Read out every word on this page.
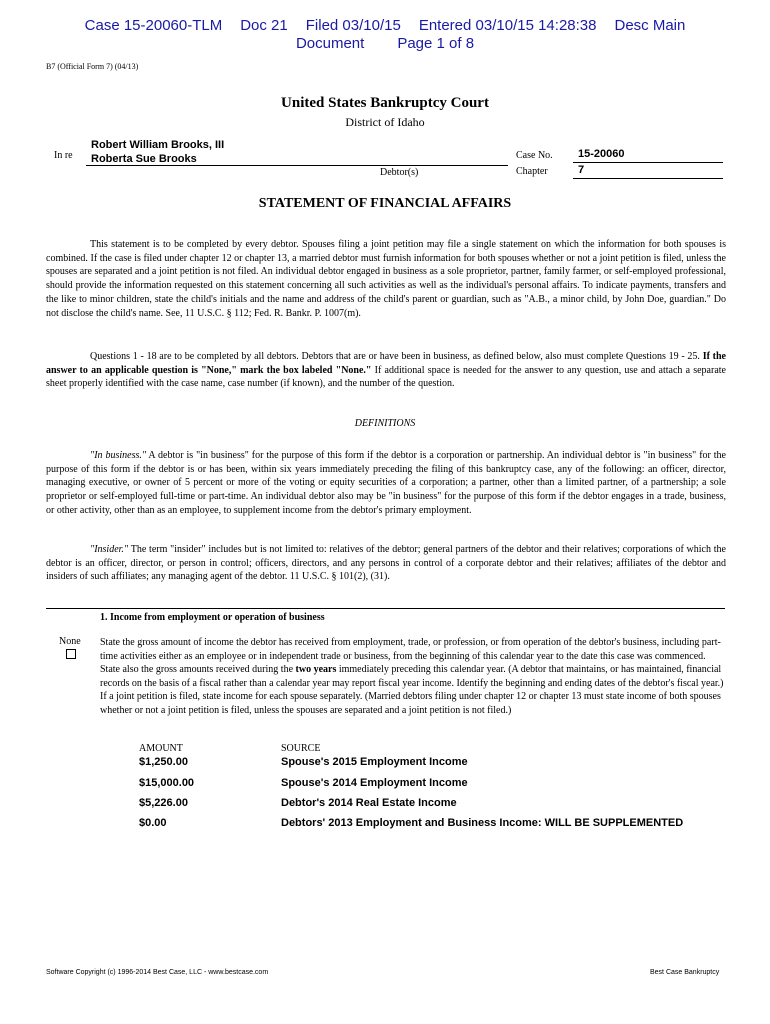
Case 15-20060-TLM Doc 21 Filed 03/10/15 Entered 03/10/15 14:28:38 Desc Main
Document Page 1 of 8
B7 (Official Form 7) (04/13)
United States Bankruptcy Court
District of Idaho
In re
Robert William Brooks, III
Roberta Sue Brooks
Debtor(s)
Case No. 15-20060
Chapter	7
STATEMENT OF FINANCIAL AFFAIRS
This statement is to be completed by every debtor. Spouses filing a joint petition may file a single statement on which the information for both spouses is combined. If the case is filed under chapter 12 or chapter 13, a married debtor must furnish information for both spouses whether or not a joint petition is filed, unless the spouses are separated and a joint petition is not filed. An individual debtor engaged in business as a sole proprietor, partner, family farmer, or self-employed professional, should provide the information requested on this statement concerning all such activities as well as the individual's personal affairs. To indicate payments, transfers and the like to minor children, state the child's initials and the name and address of the child's parent or guardian, such as "A.B., a minor child, by John Doe, guardian." Do not disclose the child's name. See, 11 U.S.C. § 112; Fed. R. Bankr. P. 1007(m).
Questions 1 - 18 are to be completed by all debtors. Debtors that are or have been in business, as defined below, also must complete Questions 19 - 25. If the answer to an applicable question is "None," mark the box labeled "None." If additional space is needed for the answer to any question, use and attach a separate sheet properly identified with the case name, case number (if known), and the number of the question.
DEFINITIONS
"In business." A debtor is "in business" for the purpose of this form if the debtor is a corporation or partnership. An individual debtor is "in business" for the purpose of this form if the debtor is or has been, within six years immediately preceding the filing of this bankruptcy case, any of the following: an officer, director, managing executive, or owner of 5 percent or more of the voting or equity securities of a corporation; a partner, other than a limited partner, of a partnership; a sole proprietor or self-employed full-time or part-time. An individual debtor also may be "in business" for the purpose of this form if the debtor engages in a trade, business, or other activity, other than as an employee, to supplement income from the debtor's primary employment.
"Insider." The term "insider" includes but is not limited to: relatives of the debtor; general partners of the debtor and their relatives; corporations of which the debtor is an officer, director, or person in control; officers, directors, and any persons in control of a corporate debtor and their relatives; affiliates of the debtor and insiders of such affiliates; any managing agent of the debtor. 11 U.S.C. § 101(2), (31).
1. Income from employment or operation of business
None State the gross amount of income the debtor has received from employment, trade, or profession, or from operation of the debtor's business, including part-time activities either as an employee or in independent trade or business, from the beginning of this calendar year to the date this case was commenced. State also the gross amounts received during the two years immediately preceding this calendar year. (A debtor that maintains, or has maintained, financial records on the basis of a fiscal rather than a calendar year may report fiscal year income. Identify the beginning and ending dates of the debtor's fiscal year.) If a joint petition is filed, state income for each spouse separately. (Married debtors filing under chapter 12 or chapter 13 must state income of both spouses whether or not a joint petition is filed, unless the spouses are separated and a joint petition is not filed.)
AMOUNT	SOURCE
$1,250.00	Spouse's 2015 Employment Income
$15,000.00	Spouse's 2014 Employment Income
$5,226.00	Debtor's 2014 Real Estate Income
$0.00	Debtors' 2013 Employment and Business Income: WILL BE SUPPLEMENTED
Software Copyright (c) 1996-2014 Best Case, LLC - www.bestcase.com	Best Case Bankruptcy
